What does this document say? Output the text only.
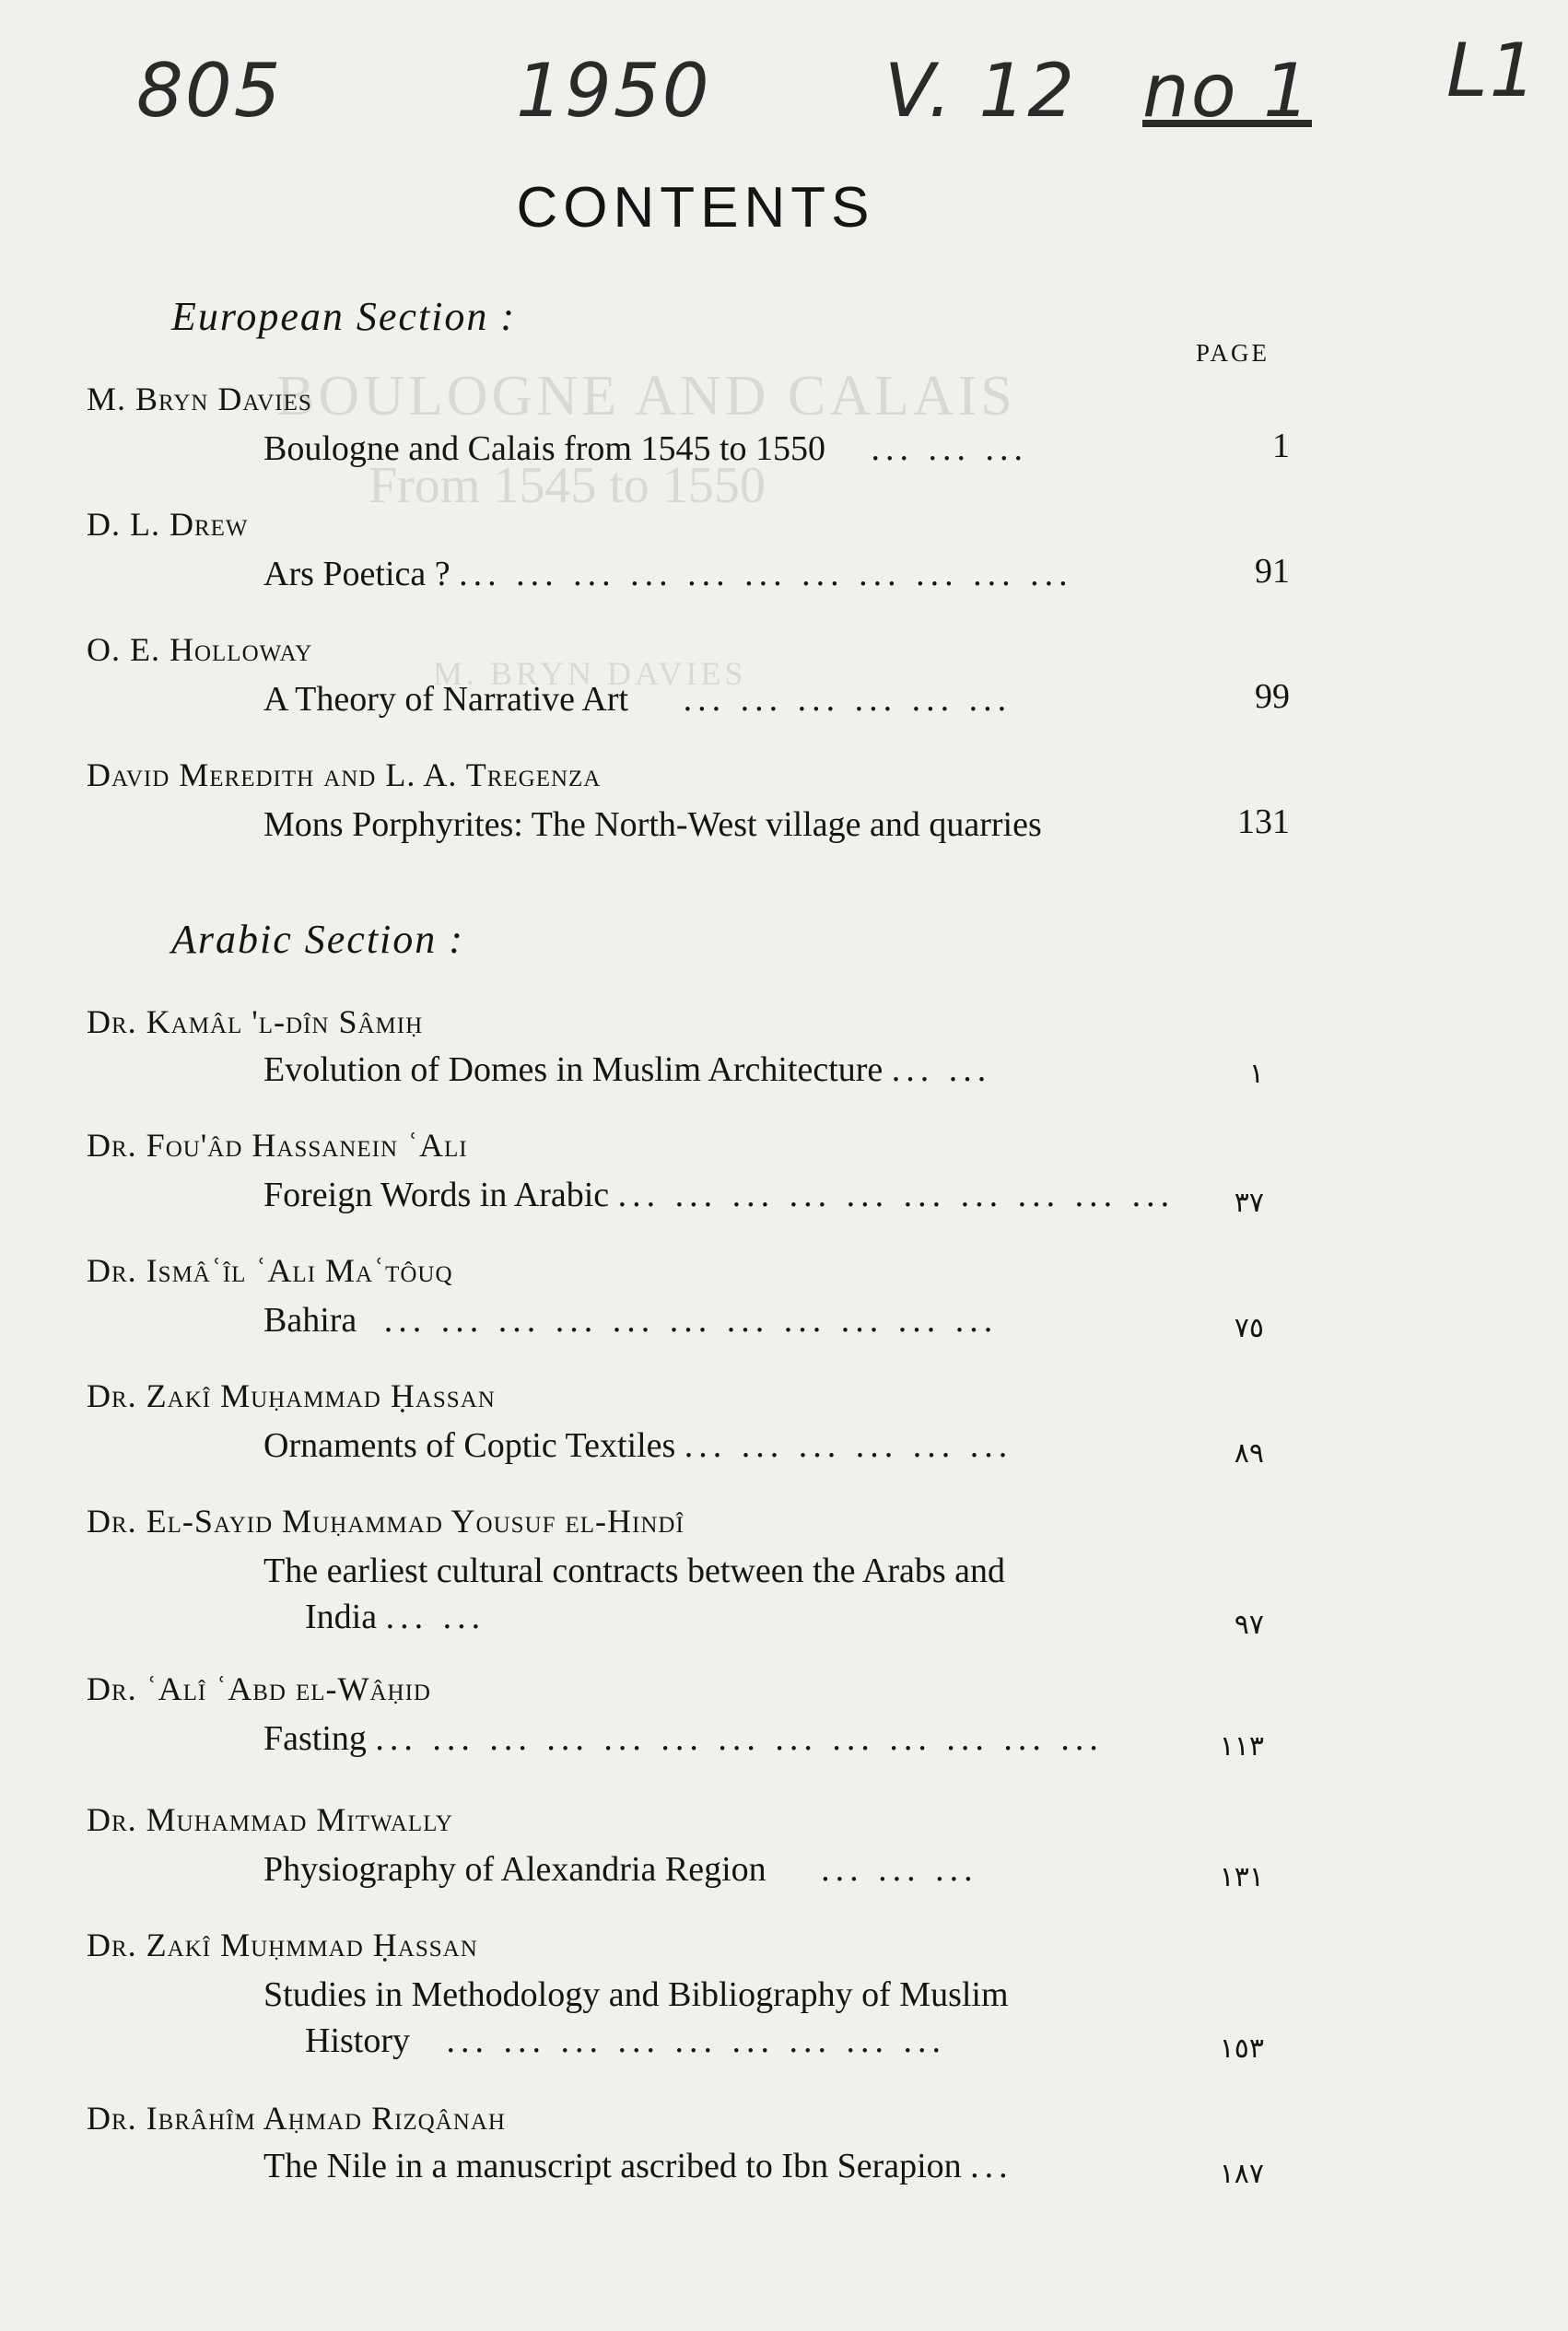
BOULOGNE AND CALAIS
From 1545 to 1550
M. BRYN DAVIES
805	1950 V. 12 no 1 L1
CONTENTS
European Section :
PAGE
M. Bryn Davies
Boulogne and Calais from 1545 to 1550 ... ... ...	1
D. L. Drew
Ars Poetica ? ... ... ... ... ... ... ... ... ... ... ...	91
O. E. Holloway
A Theory of Narrative Art ... ... ... ... ... ...	99
David Meredith and L. A. Tregenza
Mons Porphyrites: The North-West village and quarries	131
Arabic Section :
Dr. Kamâl 'l-dîn Sâmiḥ
Evolution of Domes in Muslim Architecture ... ...	١
Dr. Fou'âd Hassanein ʿAli
Foreign Words in Arabic ... ... ... ... ... ... ... ... ... ...	٣٧
Dr. Ismâʿîl ʿAli Maʿtôuq
Bahira ... ... ... ... ... ... ... ... ... ... ...	٧٥
Dr. Zakî Muḥammad Ḥassan
Ornaments of Coptic Textiles ... ... ... ... ... ...	٨٩
Dr. El-Sayid Muḥammad Yousuf el-Hindî
The earliest cultural contracts between the Arabs and
India ... ...	٩٧
Dr. ʿAlî ʿAbd el-Wâḥid
Fasting ... ... ... ... ... ... ... ... ... ... ... ... ...	١١٣
Dr. Muhammad Mitwally
Physiography of Alexandria Region ... ... ...	١٣١
Dr. Zakî Muḥmmad Ḥassan
Studies in Methodology and Bibliography of Muslim
History ... ... ... ... ... ... ... ... ...	١٥٣
Dr. Ibrâhîm Aḥmad Rizqânah
The Nile in a manuscript ascribed to Ibn Serapion ...	١٨٧
